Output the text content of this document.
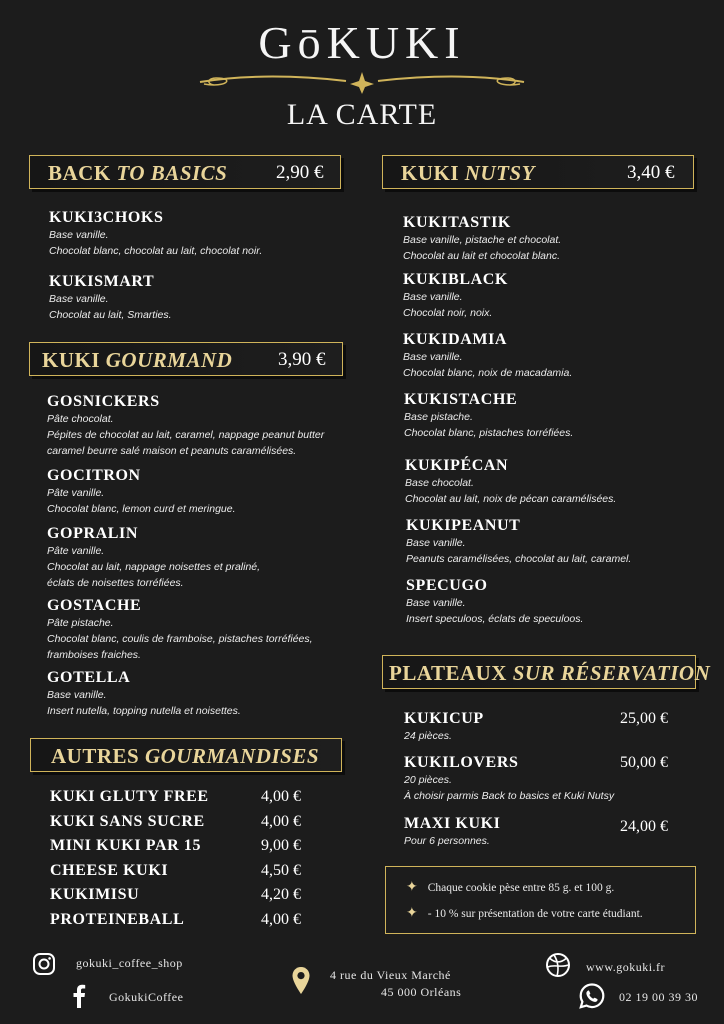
GōKUKI
LA CARTE
BACK TO BASICS	2,90 €
KUKI3CHOKS
Base vanille.
Chocolat blanc, chocolat au lait, chocolat noir.
KUKISMART
Base vanille.
Chocolat au lait, Smarties.
KUKI GOURMAND 3,90 €
GOSNICKERS
Pâte chocolat.
Pépites de chocolat au lait, caramel, nappage peanut butter
caramel beurre salé maison et peanuts caramélisées.
GOCITRON
Pâte vanille.
Chocolat blanc, lemon curd et meringue.
GOPRALIN
Pâte vanille.
Chocolat au lait, nappage noisettes et praliné,
éclats de noisettes torréfiées.
GOSTACHE
Pâte pistache.
Chocolat blanc, coulis de framboise, pistaches torréfiées,
framboises fraiches.
GOTELLA
Base vanille.
Insert nutella, topping nutella et noisettes.
AUTRES GOURMANDISES
KUKI GLUTY FREE	4,00 €
KUKI SANS SUCRE	4,00 €
MINI KUKI PAR 15	9,00 €
CHEESE KUKI	4,50 €
KUKIMISU	4,20 €
PROTEINEBALL	4,00 €
KUKI NUTSY	3,40 €
KUKITASTIK
Base vanille, pistache et chocolat.
Chocolat au lait et chocolat blanc.
KUKIBLACK
Base vanille.
Chocolat noir, noix.
KUKIDAMIA
Base vanille.
Chocolat blanc, noix de macadamia.
KUKISTACHE
Base pistache.
Chocolat blanc, pistaches torréfiées.
KUKIPÉCAN
Base chocolat.
Chocolat au lait, noix de pécan caramélisées.
KUKIPEANUT
Base vanille.
Peanuts caramélisées, chocolat au lait, caramel.
SPECUGO
Base vanille.
Insert speculoos, éclats de speculoos.
PLATEAUX SUR RÉSERVATION
KUKICUP	25,00 €
24 pièces.
KUKILOVERS	50,00 €
20 pièces.
À choisir parmis Back to basics et Kuki Nutsy
MAXI KUKI	24,00 €
Pour 6 personnes.
✦ Chaque cookie pèse entre 85 g. et 100 g.
✦ - 10 % sur présentation de votre carte étudiant.
gokuki_coffee_shop
GokukiCoffee
4 rue du Vieux Marché
45 000 Orléans
www.gokuki.fr
02 19 00 39 30
